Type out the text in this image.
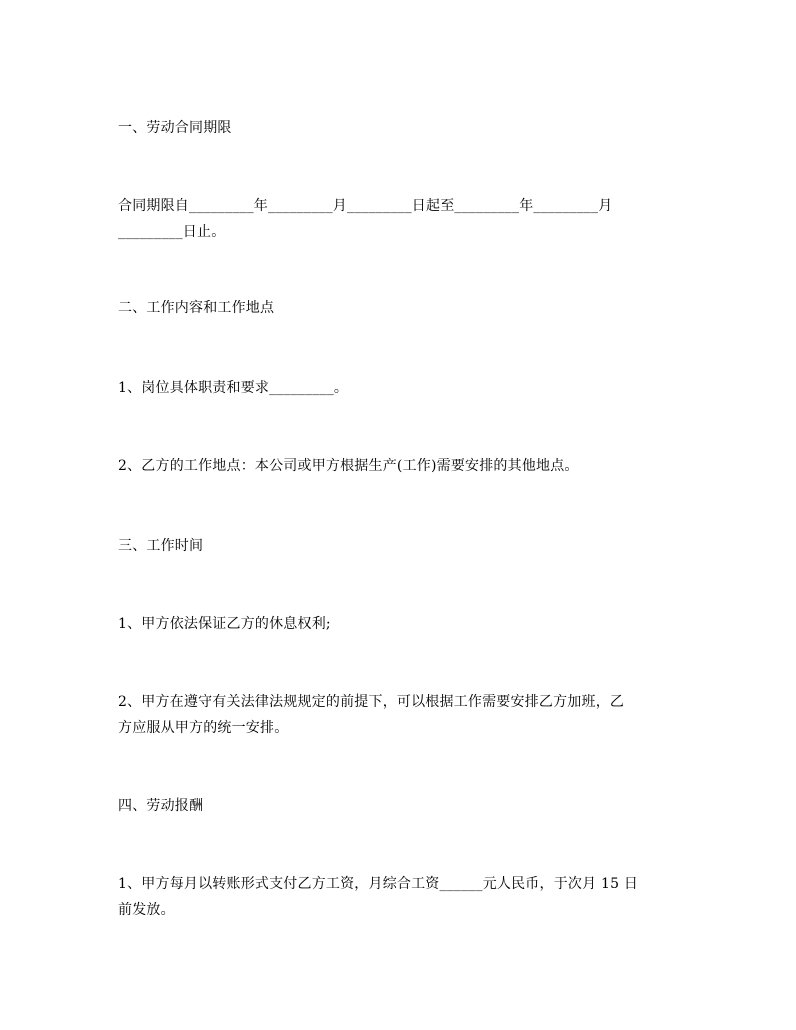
一、劳动合同期限
合同期限自_________年_________月_________日起至_________年_________月
_________日止。
二、工作内容和工作地点
1、岗位具体职责和要求_________。
2、乙方的工作地点：本公司或甲方根据生产(工作)需要安排的其他地点。
三、工作时间
1、甲方依法保证乙方的休息权利;
2、甲方在遵守有关法律法规规定的前提下，可以根据工作需要安排乙方加班，乙
方应服从甲方的统一安排。
四、劳动报酬
1、甲方每月以转账形式支付乙方工资，月综合工资______元人民币，于次月 15 日
前发放。
